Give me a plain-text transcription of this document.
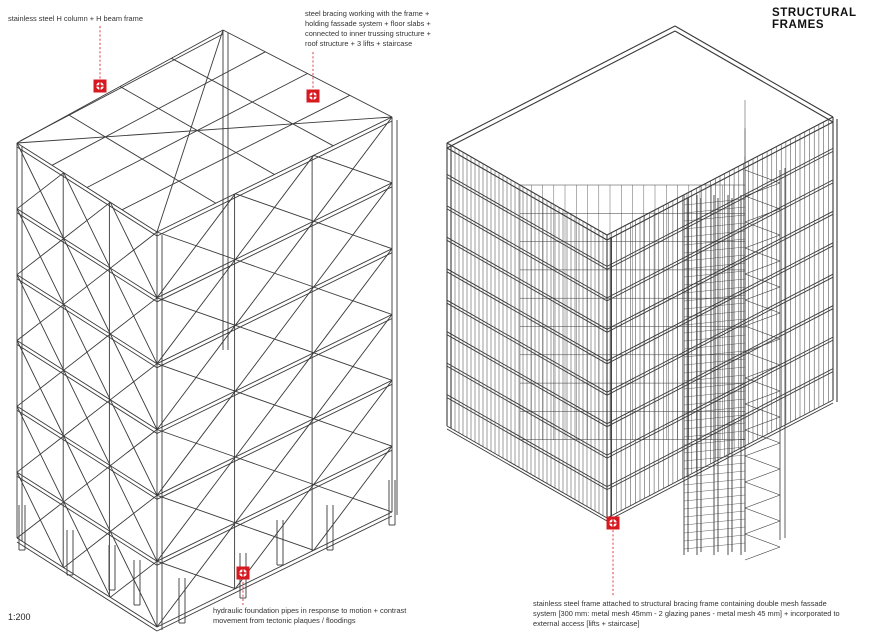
STRUCTURAL FRAMES

stainless steel H column + H beam frame

steel bracing working with the frame +
holding fassade system + floor slabs +
connected to inner trussing structure +
roof structure + 3 lifts + staircase
hydraulic foundation pipes in response to motion + contrast
movement from tectonic plaques / floodings
stainless steel frame attached to structural bracing frame containing double mesh fassade
system [300 mm: metal mesh 45mm - 2 glazing panes - metal mesh 45 mm] + incorporated to
external access [lifts + staircase]
1:200
